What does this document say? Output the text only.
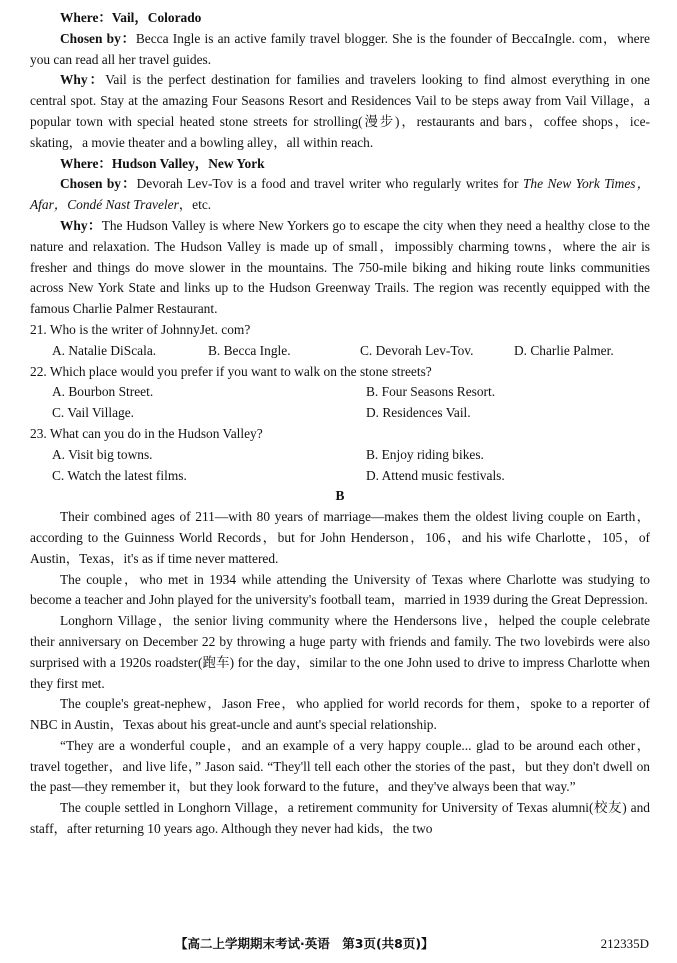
Where：Vail，Colorado

Chosen by：Becca Ingle is an active family travel blogger. She is the founder of BeccaIngle. com，where you can read all her travel guides.

Why：Vail is the perfect destination for families and travelers looking to find almost everything in one central spot. Stay at the amazing Four Seasons Resort and Residences Vail to be steps away from Vail Village，a popular town with special heated stone streets for strolling(漫步)，restaurants and bars，coffee shops，ice-skating，a movie theater and a bowling alley，all within reach.

Where：Hudson Valley，New York

Chosen by：Devorah Lev-Tov is a food and travel writer who regularly writes for The New York Times，Afar，Condé Nast Traveler，etc.

Why：The Hudson Valley is where New Yorkers go to escape the city when they need a healthy close to the nature and relaxation. The Hudson Valley is made up of small，impossibly charming towns，where the air is fresher and things do move slower in the mountains. The 750-mile biking and hiking route links communities across New York State and links up to the Hudson Greenway Trails. The region was recently equipped with the famous Charlie Palmer Restaurant.

21. Who is the writer of JohnnyJet. com?

A. Natalie DiScala.	B. Becca Ingle.	C. Devorah Lev-Tov.	D. Charlie Palmer.

22. Which place would you prefer if you want to walk on the stone streets?

A. Bourbon Street.	B. Four Seasons Resort.
C. Vail Village.	D. Residences Vail.

23. What can you do in the Hudson Valley?

A. Visit big towns.	B. Enjoy riding bikes.
C. Watch the latest films.	D. Attend music festivals.

B

Their combined ages of 211—with 80 years of marriage—makes them the oldest living couple on Earth，according to the Guinness World Records，but for John Henderson，106，and his wife Charlotte，105，of Austin，Texas，it's as if time never mattered.

The couple，who met in 1934 while attending the University of Texas where Charlotte was studying to become a teacher and John played for the university's football team，married in 1939 during the Great Depression.

Longhorn Village，the senior living community where the Hendersons live，helped the couple celebrate their anniversary on December 22 by throwing a huge party with friends and family. The two lovebirds were also surprised with a 1920s roadster(跑车) for the day，similar to the one John used to drive to impress Charlotte when they first met.

The couple's great-nephew，Jason Free，who applied for world records for them，spoke to a reporter of NBC in Austin，Texas about his great-uncle and aunt's special relationship.

“They are a wonderful couple，and an example of a very happy couple... glad to be around each other，travel together，and live life，” Jason said. “They'll tell each other the stories of the past，but they don't dwell on the past—they remember it，but they look forward to the future，and they've always been that way.”

The couple settled in Longhorn Village，a retirement community for University of Texas alumni(校友) and staff，after returning 10 years ago. Although they never had kids，the two

【高二上学期期末考试·英语　第3页(共8页)】	212335D
